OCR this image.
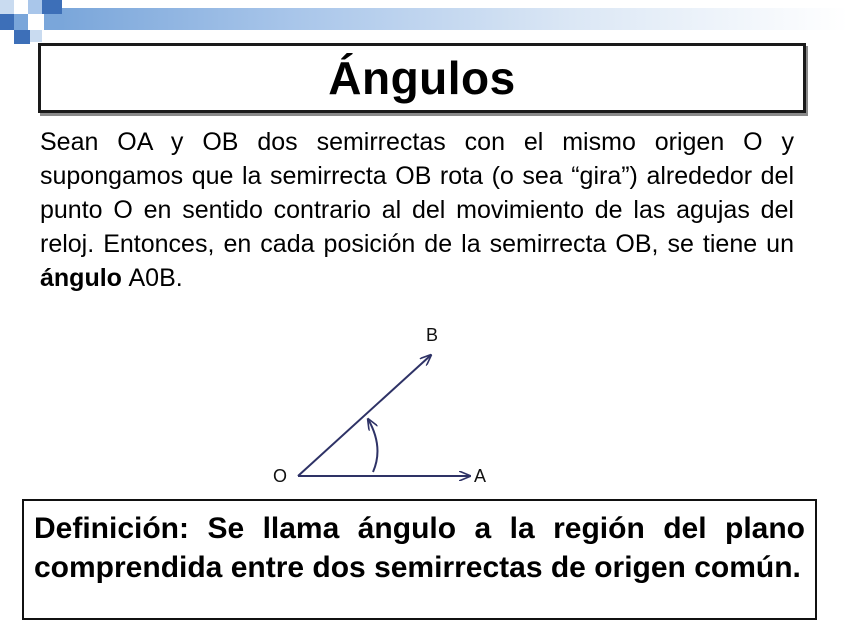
Ángulos
Sean OA y OB dos semirrectas con el mismo origen O y supongamos que la semirrecta OB rota (o sea “gira”) alrededor del punto O en sentido contrario al del movimiento de las agujas del reloj. Entonces, en cada posición de la semirrecta OB, se tiene un ángulo A0B.
O	A
B
Definición: Se llama ángulo a la región del plano comprendida entre dos semirrectas de origen común.
